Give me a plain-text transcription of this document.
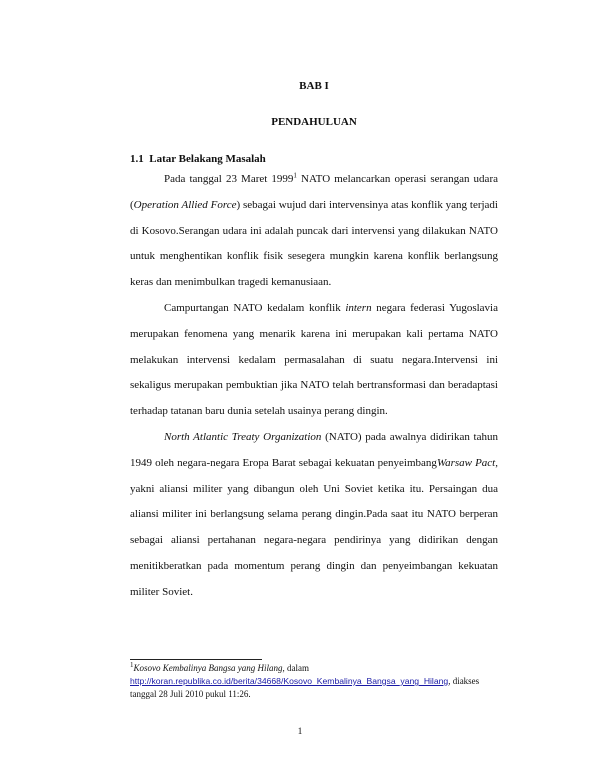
BAB I
PENDAHULUAN
1.1 Latar Belakang Masalah

Pada tanggal 23 Maret 1999$^1$ NATO melancarkan operasi serangan udara (Operation Allied Force) sebagai wujud dari intervensinya atas konflik yang terjadi di Kosovo.Serangan udara ini adalah puncak dari intervensi yang dilakukan NATO untuk menghentikan konflik fisik sesegera mungkin karena konflik berlangsung keras dan menimbulkan tragedi kemanusiaan.

Campurtangan NATO kedalam konflik intern negara federasi Yugoslavia merupakan fenomena yang menarik karena ini merupakan kali pertama NATO melakukan intervensi kedalam permasalahan di suatu negara.Intervensi ini sekaligus merupakan pembuktian jika NATO telah bertransformasi dan beradaptasi terhadap tatanan baru dunia setelah usainya perang dingin.

North Atlantic Treaty Organization (NATO) pada awalnya didirikan tahun 1949 oleh negara-negara Eropa Barat sebagai kekuatan penyeimbangWarsaw Pact, yakni aliansi militer yang dibangun oleh Uni Soviet ketika itu. Persaingan dua aliansi militer ini berlangsung selama perang dingin.Pada saat itu NATO berperan sebagai aliansi pertahanan negara-negara pendirinya yang didirikan dengan menitikberatkan pada momentum perang dingin dan penyeimbangan kekuatan militer Soviet.

$^1$Kosovo Kembalinya Bangsa yang Hilang, dalam
http://koran.republika.co.id/berita/34668/Kosovo_Kembalinya_Bangsa_yang_Hilang, diakses tanggal 28 Juli 2010 pukul 11:26.
1
